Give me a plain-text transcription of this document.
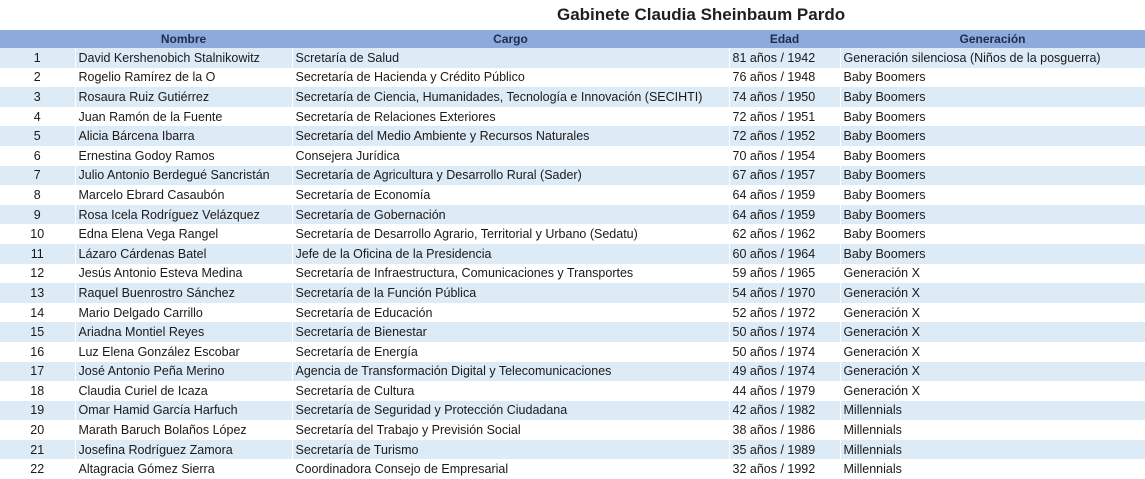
Gabinete Claudia Sheinbaum Pardo
	Nombre	Cargo	Edad	Generación
1	David Kershenobich Stalnikowitz	Scretaría de Salud	81 años / 1942	Generación silenciosa (Niños de la posguerra)
2	Rogelio Ramírez de la O	Secretaría de Hacienda y Crédito Público	76 años / 1948	Baby Boomers
3	Rosaura Ruiz Gutiérrez	Secretaría de Ciencia, Humanidades, Tecnología e Innovación (SECIHTI)	74 años / 1950	Baby Boomers
4	Juan Ramón de la Fuente	Secretaría de Relaciones Exteriores	72 años / 1951	Baby Boomers
5	Alicia Bárcena Ibarra	Secretaría del Medio Ambiente y Recursos Naturales	72 años / 1952	Baby Boomers
6	Ernestina Godoy Ramos	Consejera Jurídica	70 años / 1954	Baby Boomers
7	Julio Antonio Berdegué Sancristán	Secretaría de Agricultura y Desarrollo Rural (Sader)	67 años / 1957	Baby Boomers
8	Marcelo Ebrard Casaubón	Secretaría de Economía	64 años / 1959	Baby Boomers
9	Rosa Icela Rodríguez Velázquez	Secretaría de Gobernación	64 años / 1959	Baby Boomers
10	Edna Elena Vega Rangel	Secretaría de Desarrollo Agrario, Territorial y Urbano (Sedatu)	62 años / 1962	Baby Boomers
11	Lázaro Cárdenas Batel	Jefe de la Oficina de la Presidencia	60 años / 1964	Baby Boomers
12	Jesús Antonio Esteva Medina	Secretaría de Infraestructura, Comunicaciones y Transportes	59 años / 1965	Generación X
13	Raquel Buenrostro Sánchez	Secretaría de la Función Pública	54 años / 1970	Generación X
14	Mario Delgado Carrillo	Secretaría de Educación	52 años / 1972	Generación X
15	Ariadna Montiel Reyes	Secretaría de Bienestar	50 años / 1974	Generación X
16	Luz Elena González Escobar	Secretaría de Energía	50 años / 1974	Generación X
17	José Antonio Peña Merino	Agencia de Transformación Digital y Telecomunicaciones	49 años / 1974	Generación X
18	Claudia Curiel de Icaza	Secretaría de Cultura	44 años / 1979	Generación X
19	Omar Hamid García Harfuch	Secretaría de Seguridad y Protección Ciudadana	42 años / 1982	Millennials
20	Marath Baruch Bolaños López	Secretaría del Trabajo y Previsión Social	38 años / 1986	Millennials
21	Josefina Rodríguez Zamora	Secretaría de Turismo	35 años / 1989	Millennials
22	Altagracia Gómez Sierra	Coordinadora Consejo de Empresarial	32 años / 1992	Millennials
